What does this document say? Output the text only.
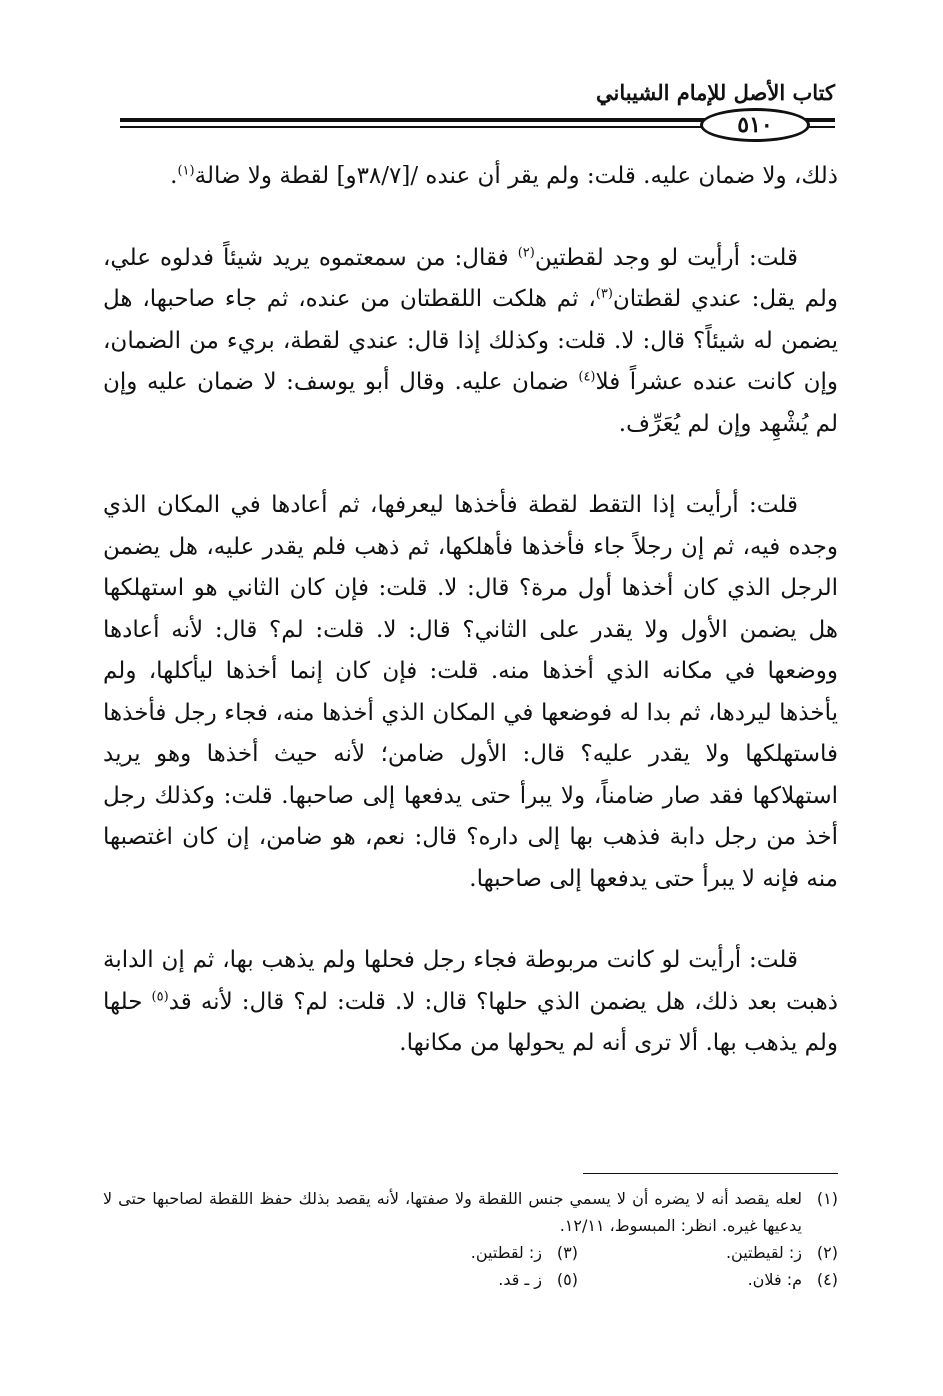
كتاب الأصل للإمام الشيباني
٥١٠

ذلك، ولا ضمان عليه. قلت: ولم يقر أن عنده /[٣٨/٧و] لقطة ولا ضالة$^{(١)}$.

قلت: أرأيت لو وجد لقطتين$^{(٢)}$ فقال: من سمعتموه يريد شيئاً فدلوه علي، ولم يقل: عندي لقطتان$^{(٣)}$، ثم هلكت اللقطتان من عنده، ثم جاء صاحبها، هل يضمن له شيئاً؟ قال: لا. قلت: وكذلك إذا قال: عندي لقطة، بريء من الضمان، وإن كانت عنده عشراً فلا$^{(٤)}$ ضمان عليه. وقال أبو يوسف: لا ضمان عليه وإن لم يُشْهِد وإن لم يُعَرِّف.

قلت: أرأيت إذا التقط لقطة فأخذها ليعرفها، ثم أعادها في المكان الذي وجده فيه، ثم إن رجلاً جاء فأخذها فأهلكها، ثم ذهب فلم يقدر عليه، هل يضمن الرجل الذي كان أخذها أول مرة؟ قال: لا. قلت: فإن كان الثاني هو استهلكها هل يضمن الأول ولا يقدر على الثاني؟ قال: لا. قلت: لم؟ قال: لأنه أعادها ووضعها في مكانه الذي أخذها منه. قلت: فإن كان إنما أخذها ليأكلها، ولم يأخذها ليردها، ثم بدا له فوضعها في المكان الذي أخذها منه، فجاء رجل فأخذها فاستهلكها ولا يقدر عليه؟ قال: الأول ضامن؛ لأنه حيث أخذها وهو يريد استهلاكها فقد صار ضامناً، ولا يبرأ حتى يدفعها إلى صاحبها. قلت: وكذلك رجل أخذ من رجل دابة فذهب بها إلى داره؟ قال: نعم، هو ضامن، إن كان اغتصبها منه فإنه لا يبرأ حتى يدفعها إلى صاحبها.

قلت: أرأيت لو كانت مربوطة فجاء رجل فحلها ولم يذهب بها، ثم إن الدابة ذهبت بعد ذلك، هل يضمن الذي حلها؟ قال: لا. قلت: لم؟ قال: لأنه قد$^{(٥)}$ حلها ولم يذهب بها. ألا ترى أنه لم يحولها من مكانها.

(١)
لعله يقصد أنه لا يضره أن لا يسمي جنس اللقطة ولا صفتها، لأنه يقصد بذلك حفظ اللقطة لصاحبها حتى لا يدعيها غيره. انظر: المبسوط، ١٢/١١.
(٢)
ز: لقيطتين.
(٣)
ز: لقطتين.
(٤)
م: فلان.
(٥)
ز ـ قد.
